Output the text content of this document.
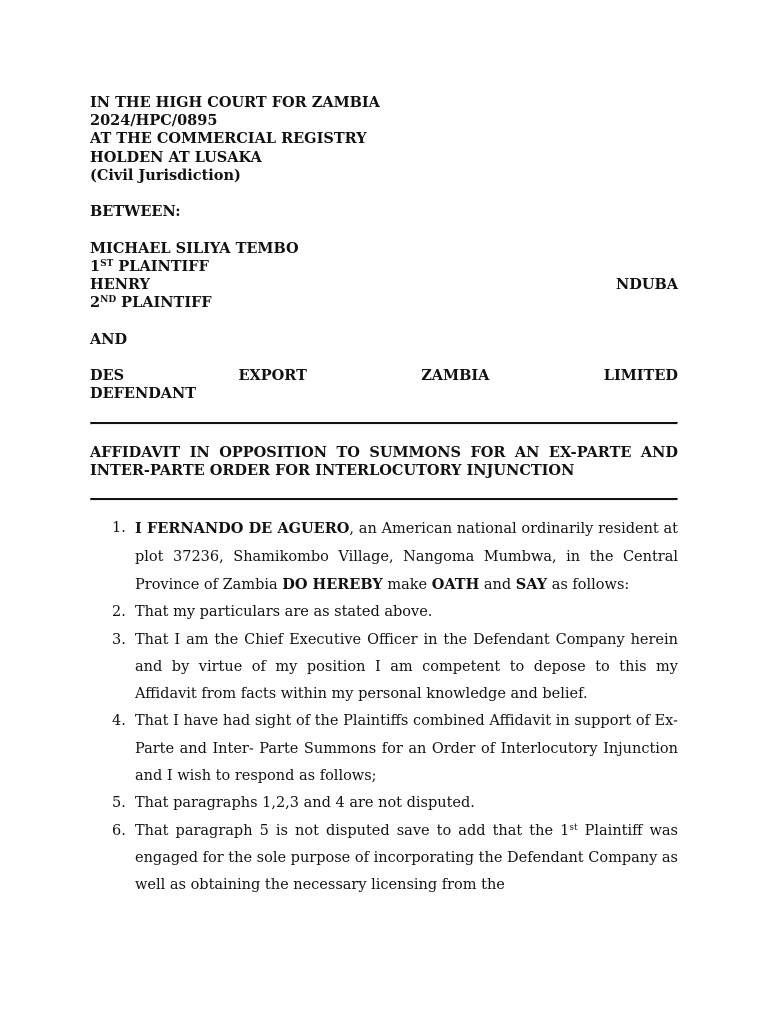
IN THE HIGH COURT FOR ZAMBIA
2024/HPC/0895
AT THE COMMERCIAL REGISTRY
HOLDEN AT LUSAKA
(Civil Jurisdiction)
BETWEEN:
MICHAEL SILIYA TEMBO
1ST PLAINTIFF
HENRY	NDUBA
2ND PLAINTIFF
AND
DES	EXPORT	ZAMBIA	LIMITED
DEFENDANT
AFFIDAVIT IN OPPOSITION TO SUMMONS FOR AN EX-PARTE AND INTER-PARTE ORDER FOR INTERLOCUTORY INJUNCTION
1. I FERNANDO DE AGUERO, an American national ordinarily resident at plot 37236, Shamikombo Village, Nangoma Mumbwa, in the Central Province of Zambia DO HEREBY make OATH and SAY as follows:
2. That my particulars are as stated above.
3. That I am the Chief Executive Officer in the Defendant Company herein and by virtue of my position I am competent to depose to this my Affidavit from facts within my personal knowledge and belief.
4. That I have had sight of the Plaintiffs combined Affidavit in support of Ex-Parte and Inter- Parte Summons for an Order of Interlocutory Injunction and I wish to respond as follows;
5. That paragraphs 1,2,3 and 4 are not disputed.
6. That paragraph 5 is not disputed save to add that the 1st Plaintiff was engaged for the sole purpose of incorporating the Defendant Company as well as obtaining the necessary licensing from the
